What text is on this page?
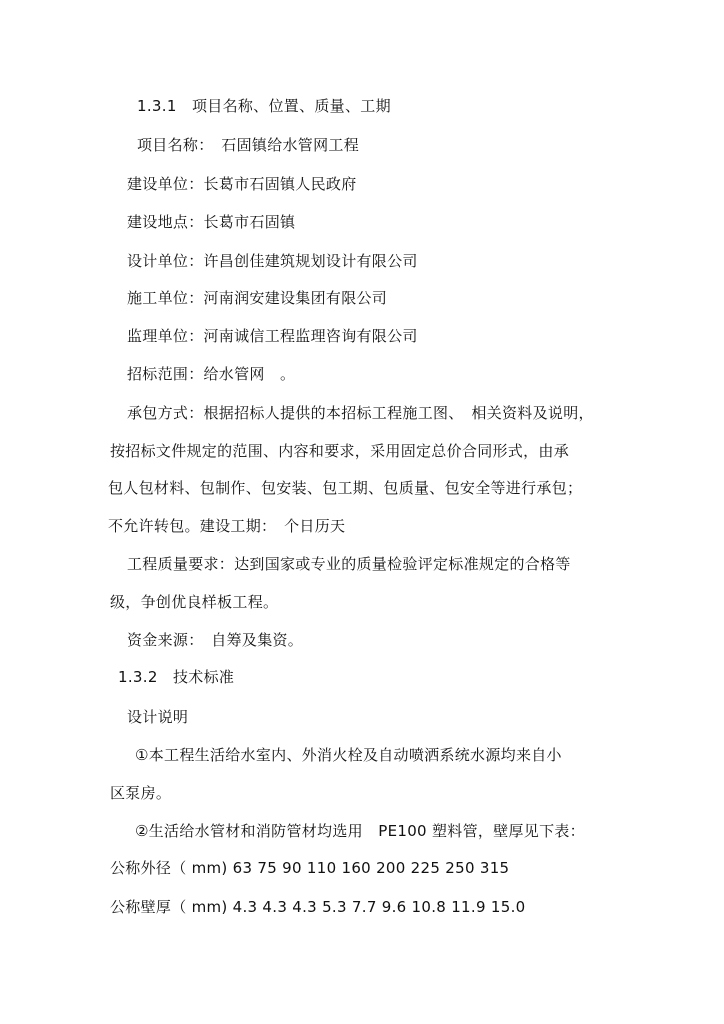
1.3.1　项目名称、位置、质量、工期
项目名称：　石固镇给水管网工程
建设单位：长葛市石固镇人民政府
建设地点：长葛市石固镇
设计单位：许昌创佳建筑规划设计有限公司
施工单位：河南润安建设集团有限公司
监理单位：河南诚信工程监理咨询有限公司
招标范围：给水管网　。
承包方式：根据招标人提供的本招标工程施工图、　相关资料及说明，
按招标文件规定的范围、内容和要求，采用固定总价合同形式，由承
包人包材料、包制作、包安装、包工期、包质量、包安全等进行承包；
不允许转包。建设工期：　个日历天
工程质量要求：达到国家或专业的质量检验评定标准规定的合格等
级，争创优良样板工程。
资金来源：　自筹及集资。
1.3.2　技术标准
设计说明
①本工程生活给水室内、外消火栓及自动喷洒系统水源均来自小
区泵房。
②生活给水管材和消防管材均选用　PE100 塑料管，壁厚见下表：
公称外径（ mm) 63 75 90 110 160 200 225 250 315
公称壁厚（ mm) 4.3 4.3 4.3 5.3 7.7 9.6 10.8 11.9 15.0
